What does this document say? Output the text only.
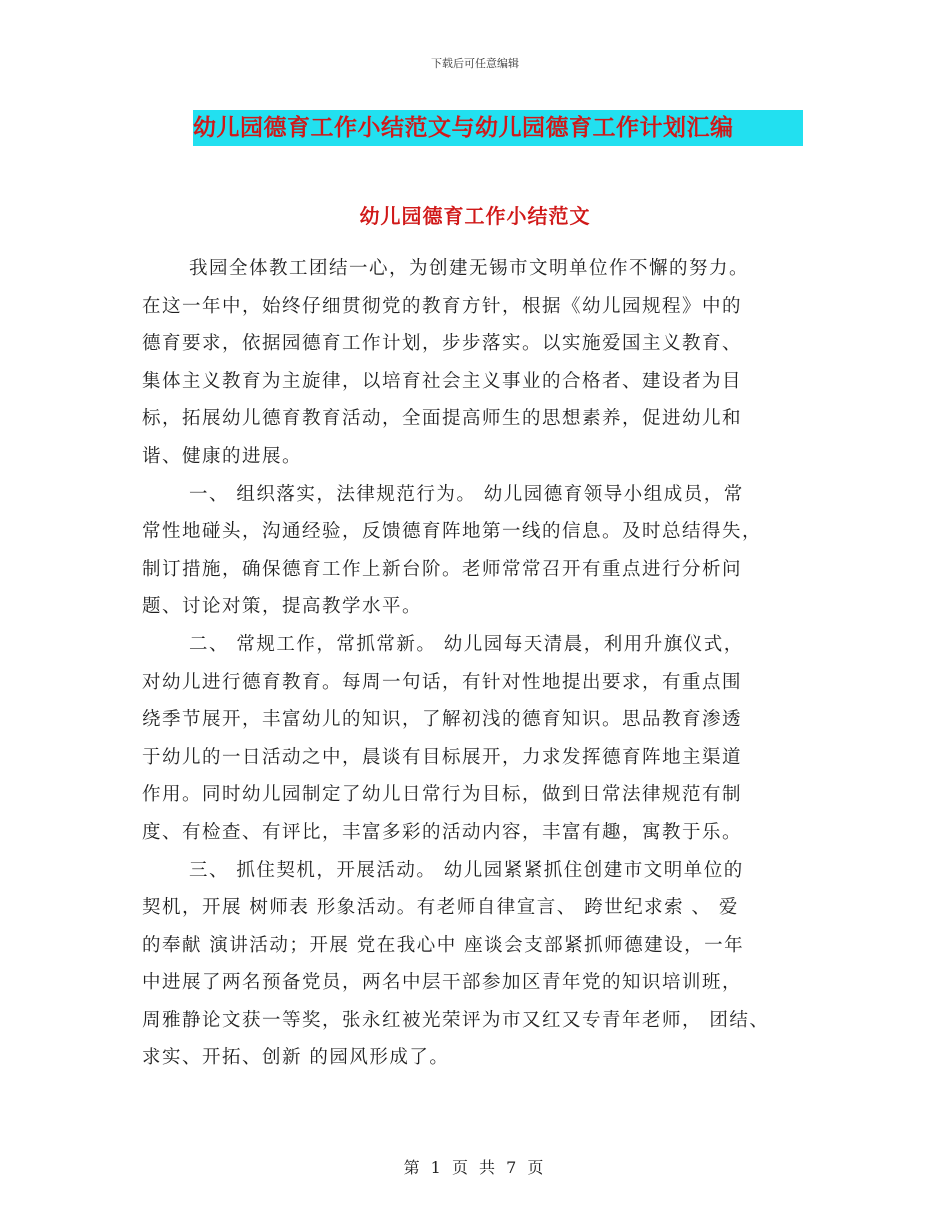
下载后可任意编辑
幼儿园德育工作小结范文与幼儿园德育工作计划汇编
幼儿园德育工作小结范文
我园全体教工团结一心，为创建无锡市文明单位作不懈的努力。
在这一年中，始终仔细贯彻党的教育方针，根据《幼儿园规程》中的
德育要求，依据园德育工作计划，步步落实。以实施爱国主义教育、
集体主义教育为主旋律，以培育社会主义事业的合格者、建设者为目
标，拓展幼儿德育教育活动，全面提高师生的思想素养，促进幼儿和
谐、健康的进展。
一、 组织落实，法律规范行为。 幼儿园德育领导小组成员，常
常性地碰头，沟通经验，反馈德育阵地第一线的信息。及时总结得失，
制订措施，确保德育工作上新台阶。老师常常召开有重点进行分析问
题、讨论对策，提高教学水平。
二、 常规工作，常抓常新。 幼儿园每天清晨，利用升旗仪式，
对幼儿进行德育教育。每周一句话，有针对性地提出要求，有重点围
绕季节展开，丰富幼儿的知识，了解初浅的德育知识。思品教育渗透
于幼儿的一日活动之中，晨谈有目标展开，力求发挥德育阵地主渠道
作用。同时幼儿园制定了幼儿日常行为目标，做到日常法律规范有制
度、有检查、有评比，丰富多彩的活动内容，丰富有趣，寓教于乐。
三、 抓住契机，开展活动。 幼儿园紧紧抓住创建市文明单位的
契机，开展 树师表 形象活动。有老师自律宣言、 跨世纪求索 、 爱
的奉献 演讲活动；开展 党在我心中 座谈会支部紧抓师德建设，一年
中进展了两名预备党员，两名中层干部参加区青年党的知识培训班，
周雅静论文获一等奖，张永红被光荣评为市又红又专青年老师， 团结、
求实、开拓、创新 的园风形成了。
第 1 页 共 7 页
